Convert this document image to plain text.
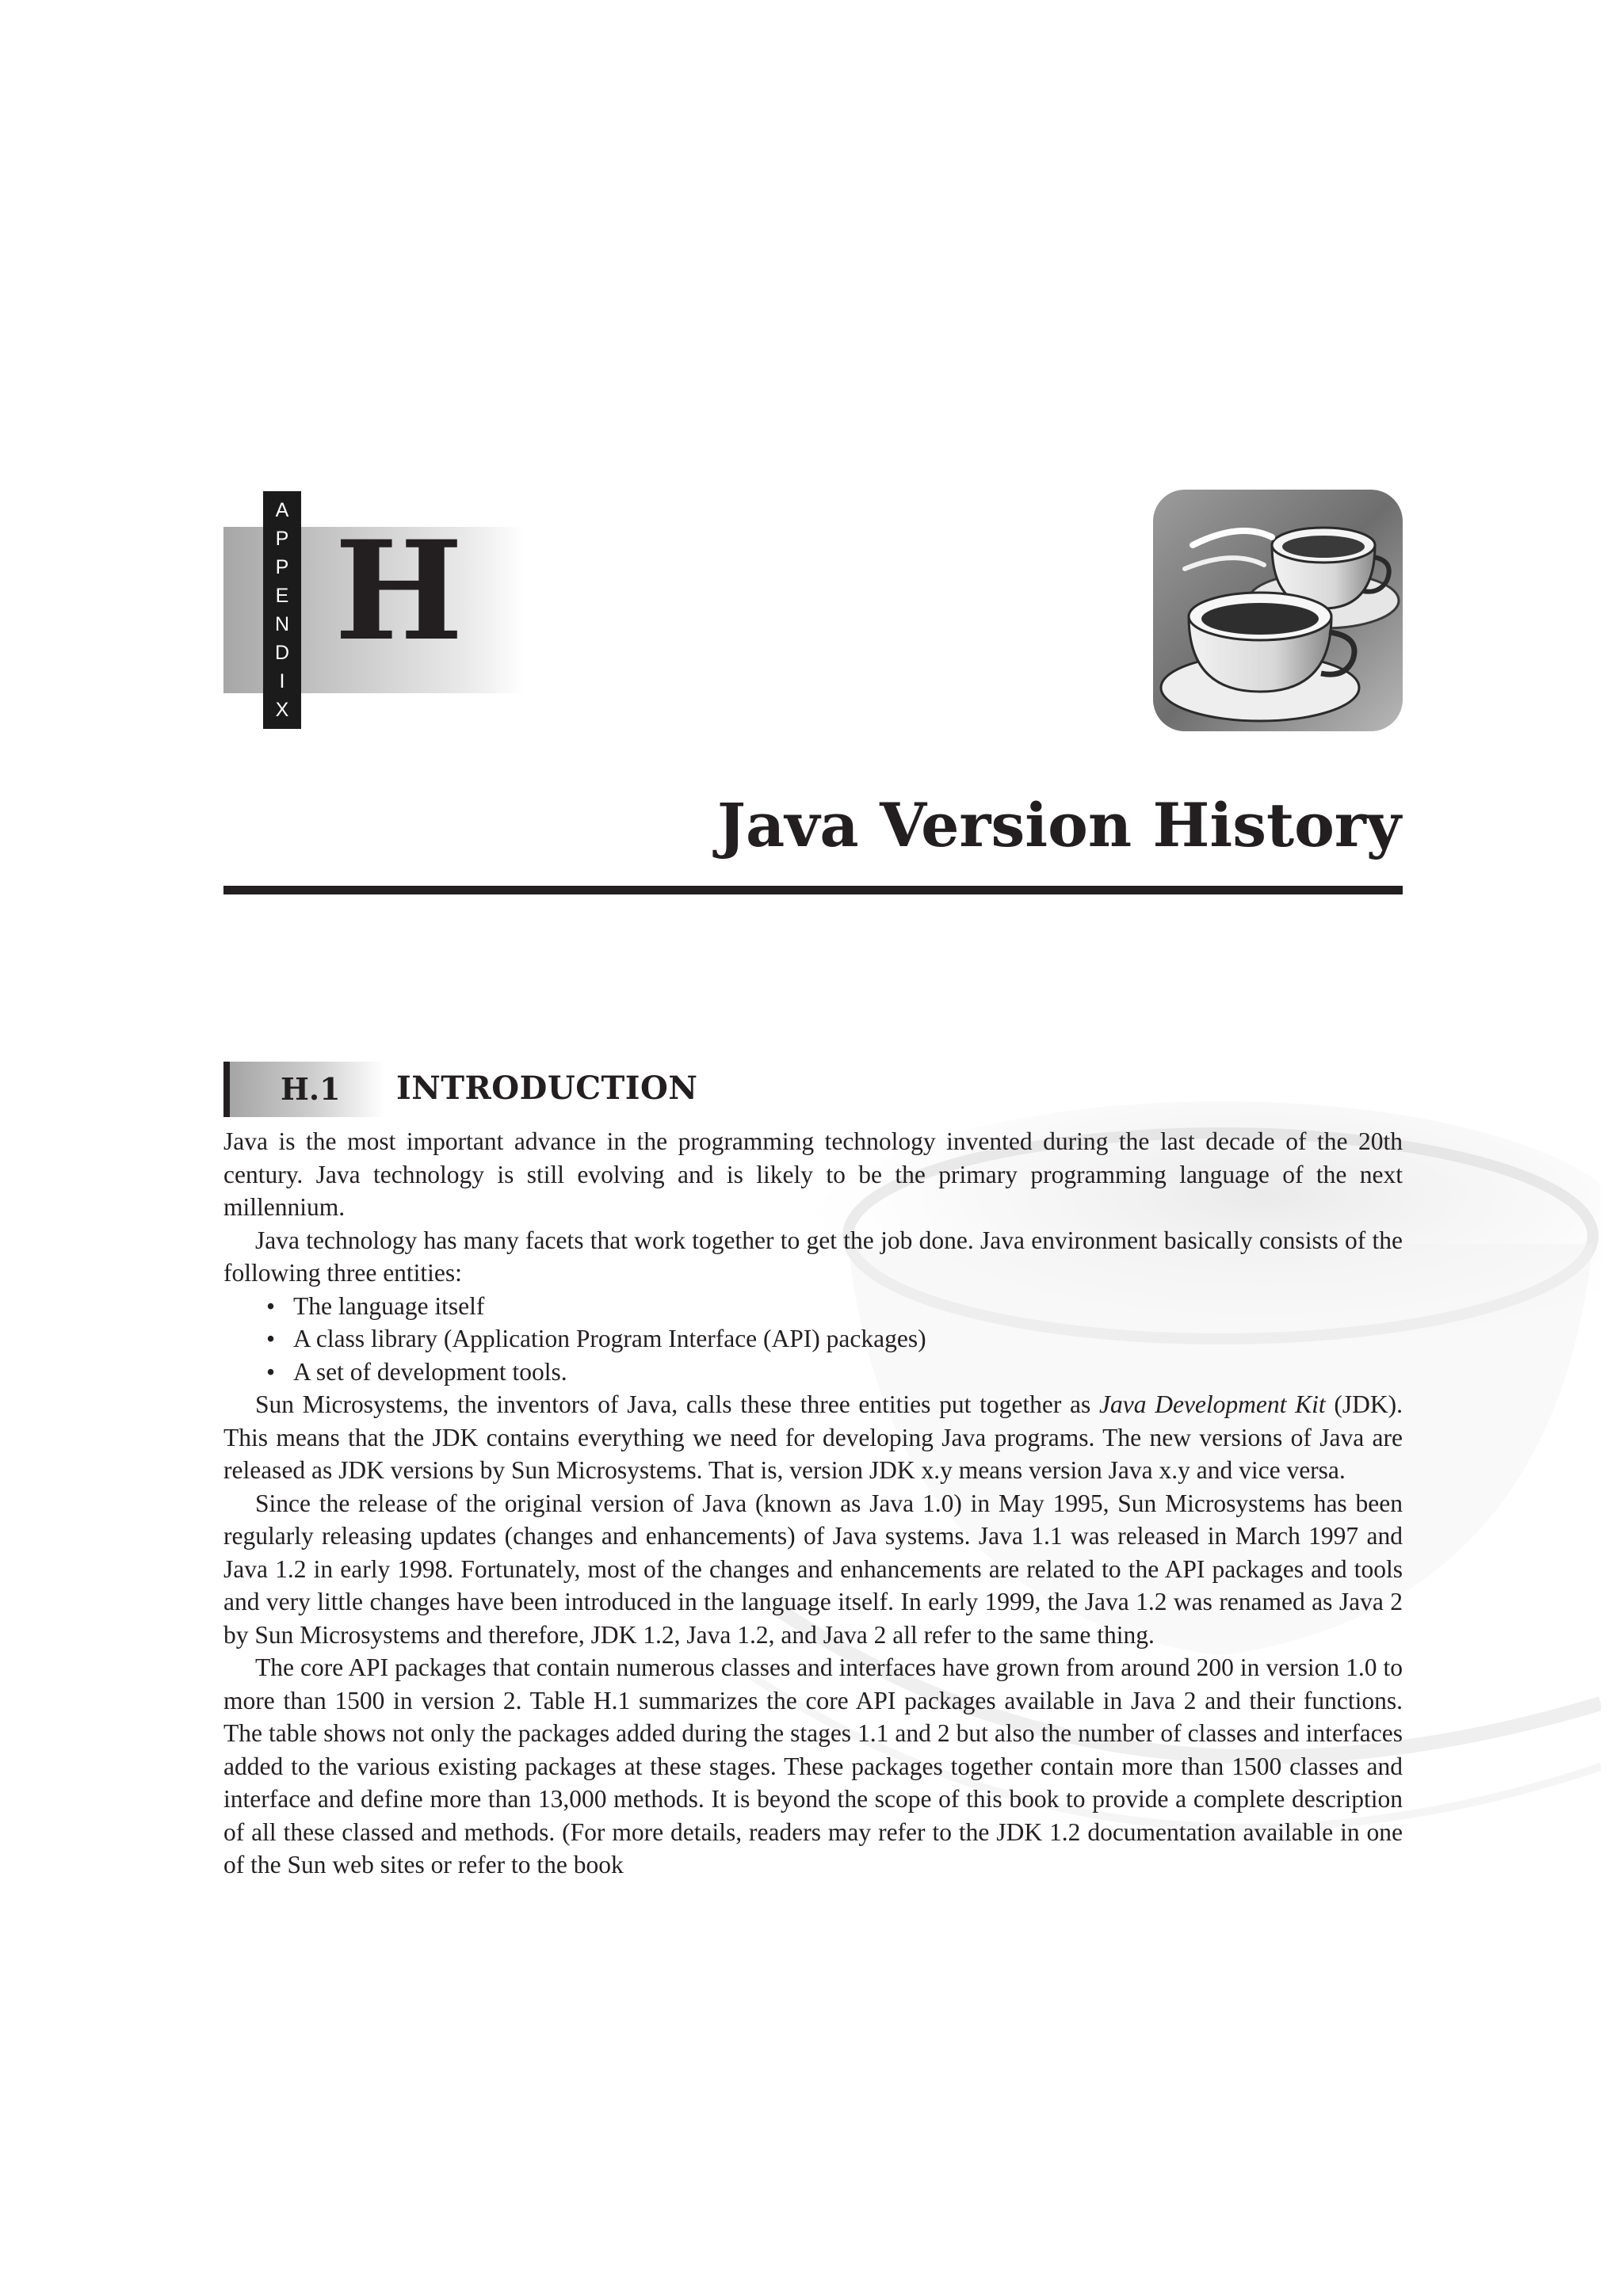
A
P
P
E
N
D
I
X
H
Java Version History
H.1 INTRODUCTION

Java is the most important advance in the programming technology invented during the last decade of the 20th century. Java technology is still evolving and is likely to be the primary programming language of the next millennium.

Java technology has many facets that work together to get the job done. Java environment basically consists of the following three entities:

• The language itself
• A class library (Application Program Interface (API) packages)
• A set of development tools.

Sun Microsystems, the inventors of Java, calls these three entities put together as Java Development Kit (JDK). This means that the JDK contains everything we need for developing Java programs. The new versions of Java are released as JDK versions by Sun Microsystems. That is, version JDK x.y means version Java x.y and vice versa.

Since the release of the original version of Java (known as Java 1.0) in May 1995, Sun Microsystems has been regularly releasing updates (changes and enhancements) of Java systems. Java 1.1 was released in March 1997 and Java 1.2 in early 1998. Fortunately, most of the changes and enhancements are related to the API packages and tools and very little changes have been introduced in the language itself. In early 1999, the Java 1.2 was renamed as Java 2 by Sun Microsystems and therefore, JDK 1.2, Java 1.2, and Java 2 all refer to the same thing.

The core API packages that contain numerous classes and interfaces have grown from around 200 in version 1.0 to more than 1500 in version 2. Table H.1 summarizes the core API packages available in Java 2 and their functions. The table shows not only the packages added during the stages 1.1 and 2 but also the number of classes and interfaces added to the various existing packages at these stages. These packages together contain more than 1500 classes and interface and define more than 13,000 methods. It is beyond the scope of this book to provide a complete description of all these classed and methods. (For more details, readers may refer to the JDK 1.2 documentation available in one of the Sun web sites or refer to the book
